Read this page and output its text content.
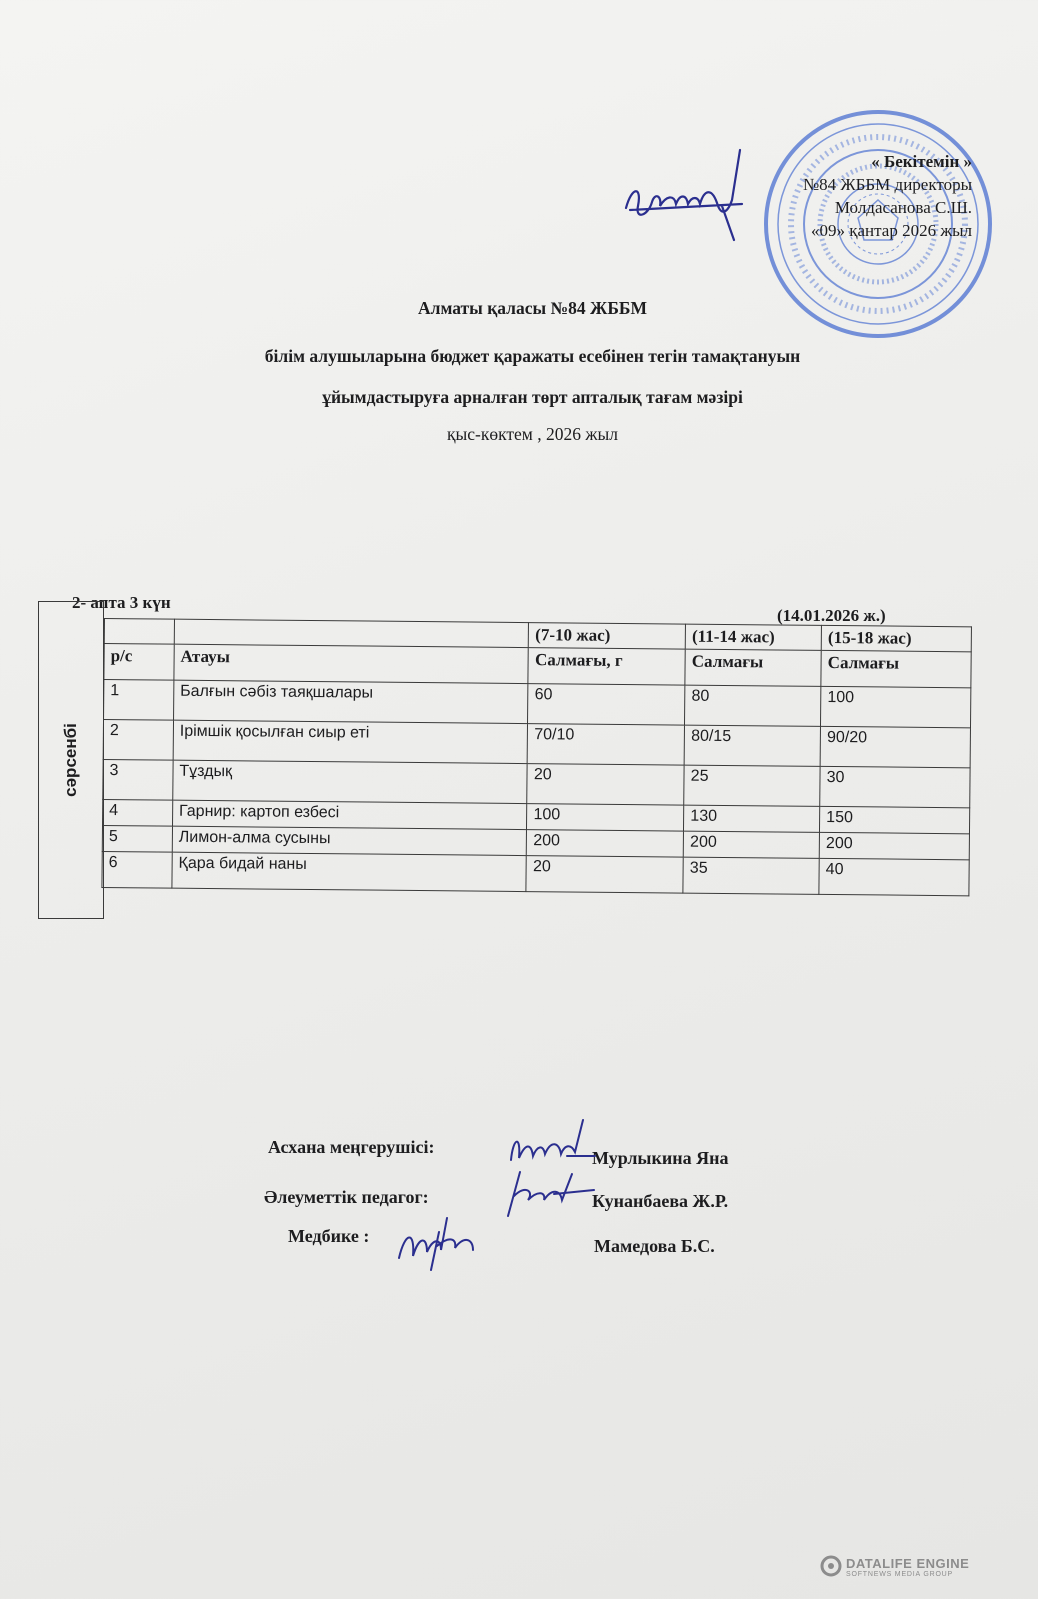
« Бекітемін »
№84 ЖББМ директоры
Молдасанова С.Ш.
«09» қантар 2026 жыл
Алматы қаласы №84 ЖББМ
білім алушыларына бюджет қаражаты есебінен тегін тамақтануын
ұйымдастыруға арналған төрт апталық тағам мәзірі
қыс-көктем , 2026 жыл
2- апта 3 күн
(14.01.2026 ж.)
сәрсенбі
		(7-10 жас)	(11-14 жас)	(15-18 жас)
р/с	Атауы	Салмағы, г	Салмағы	Салмағы
1	Балғын сәбіз таяқшалары	60	80	100
2	Ірімшік қосылған сиыр еті	70/10	80/15	90/20
3	Тұздық	20	25	30
4	Гарнир: картоп езбесі	100	130	150
5	Лимон-алма сусыны	200	200	200
6	Қара бидай наны	20	35	40
Асхана меңгерушісі:
Мурлыкина Яна
Әлеуметтік педагог:	Кунанбаева Ж.Р.
Медбике :	Мамедова Б.С.
DATALIFE ENGINE
SOFTNEWS MEDIA GROUP
